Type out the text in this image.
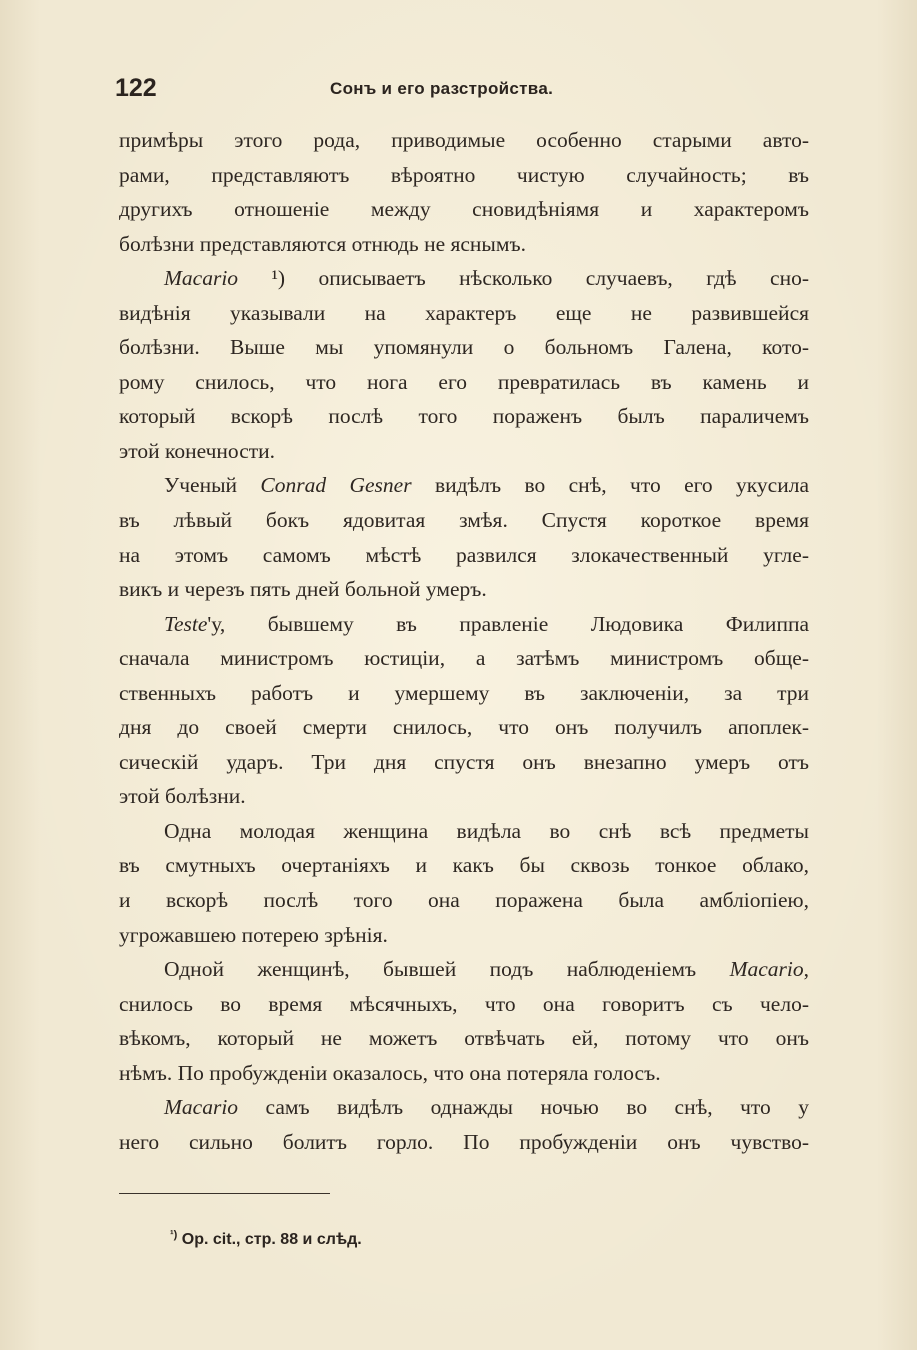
122	Сонъ и его разстройства.
примѣры этого рода, приводимые особенно старыми авто-
рами, представляютъ вѣроятно чистую случайность; въ
другихъ отношеніе между сновидѣніямя и характеромъ
болѣзни представляются отнюдь не яснымъ.
Macario ¹) описываетъ нѣсколько случаевъ, гдѣ сно-
видѣнія указывали на характеръ еще не развившейся
болѣзни. Выше мы упомянули о больномъ Галена, кото-
рому снилось, что нога его превратилась въ камень и
который вскорѣ послѣ того пораженъ былъ параличемъ
этой конечности.
Ученый Conrad Gesner видѣлъ во снѣ, что его укусила
въ лѣвый бокъ ядовитая змѣя. Спустя короткое время
на этомъ самомъ мѣстѣ развился злокачественный угле-
викъ и черезъ пять дней больной умеръ.
Teste'у, бывшему въ правленіе Людовика Филиппа
сначала министромъ юстиціи, а затѣмъ министромъ обще-
ственныхъ работъ и умершему въ заключеніи, за три
дня до своей смерти снилось, что онъ получилъ апоплек-
сическій ударъ. Три дня спустя онъ внезапно умеръ отъ
этой болѣзни.
Одна молодая женщина видѣла во снѣ всѣ предметы
въ смутныхъ очертаніяхъ и какъ бы сквозь тонкое облако,
и вскорѣ послѣ того она поражена была амбліопіею,
угрожавшею потерею зрѣнія.
Одной женщинѣ, бывшей подъ наблюденіемъ Macario,
снилось во время мѣсячныхъ, что она говоритъ съ чело-
вѣкомъ, который не можетъ отвѣчать ей, потому что онъ
нѣмъ. По пробужденіи оказалось, что она потеряла голосъ.
Macario самъ видѣлъ однажды ночью во снѣ, что у
него сильно болитъ горло. По пробужденіи онъ чувство-
$^{^1)}$ Op. cit., стр. 88 и слѣд.
